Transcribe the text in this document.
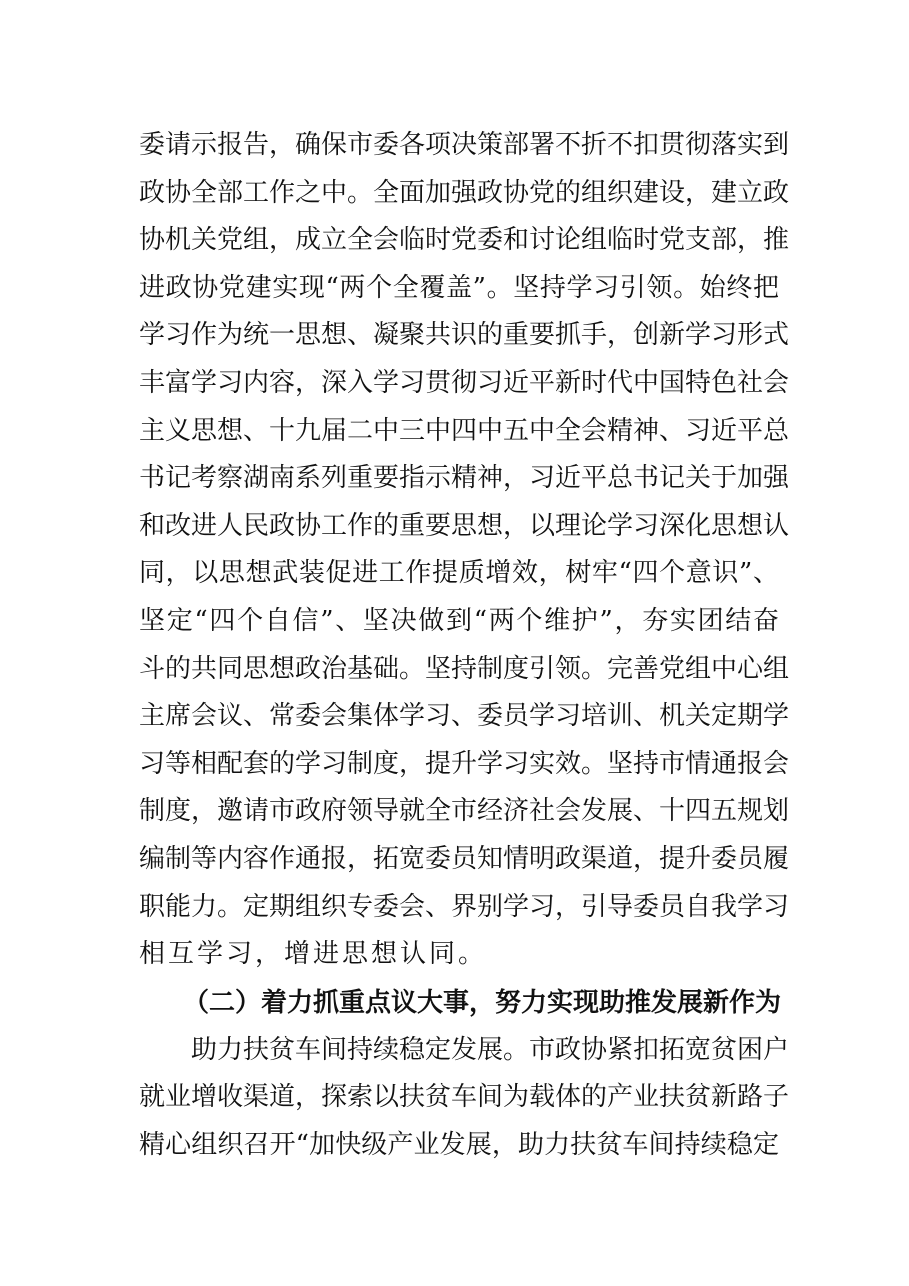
委请示报告，确保市委各项决策部署不折不扣贯彻落实到
政协全部工作之中。全面加强政协党的组织建设，建立政
协机关党组，成立全会临时党委和讨论组临时党支部，推
进政协党建实现“两个全覆盖”。坚持学习引领。始终把
学习作为统一思想、凝聚共识的重要抓手，创新学习形式
丰富学习内容，深入学习贯彻习近平新时代中国特色社会
主义思想、十九届二中三中四中五中全会精神、习近平总
书记考察湖南系列重要指示精神，习近平总书记关于加强
和改进人民政协工作的重要思想，以理论学习深化思想认
同，以思想武装促进工作提质增效，树牢“四个意识”、
坚定“四个自信”、坚决做到“两个维护”，夯实团结奋
斗的共同思想政治基础。坚持制度引领。完善党组中心组
主席会议、常委会集体学习、委员学习培训、机关定期学
习等相配套的学习制度，提升学习实效。坚持市情通报会
制度，邀请市政府领导就全市经济社会发展、十四五规划
编制等内容作通报，拓宽委员知情明政渠道，提升委员履
职能力。定期组织专委会、界别学习，引导委员自我学习
相互学习，增进思想认同。
（二）着力抓重点议大事，努力实现助推发展新作为
助力扶贫车间持续稳定发展。市政协紧扣拓宽贫困户
就业增收渠道，探索以扶贫车间为载体的产业扶贫新路子
精心组织召开“加快级产业发展，助力扶贫车间持续稳定
